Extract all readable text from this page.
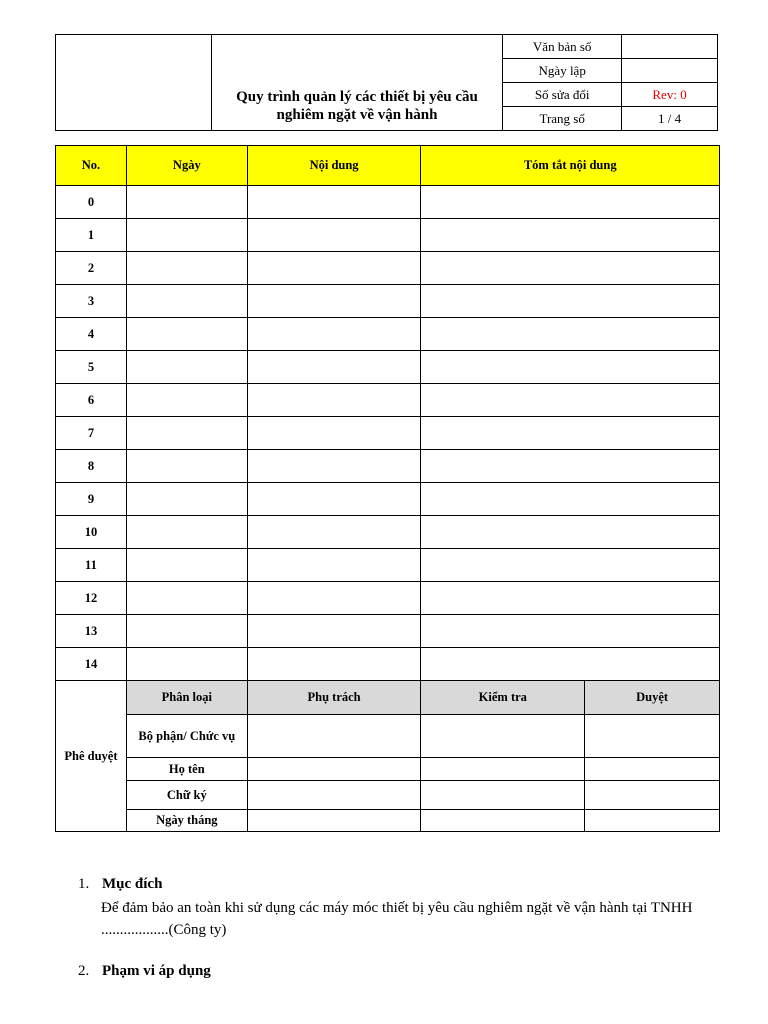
	Quy trình quản lý các thiết bị yêu cầu nghiêm ngặt về vận hành	Văn bản số	
		Ngày lập	
		Số sửa đổi	Rev: 0
		Trang số	1 / 4
No.	Ngày	Nội dung	Tóm tắt nội dung	
0				
1				
2				
3				
4				
5				
6				
7				
8				
9				
10				
11				
12				
13				
14				
Phê duyệt	Phân loại	Phụ trách	Kiểm tra	Duyệt
	Bộ phận/ Chức vụ			
	Họ tên			
	Chữ ký			
	Ngày tháng			
1. Mục đích
Để đảm bảo an toàn khi sử dụng các máy móc thiết bị yêu cầu nghiêm ngặt về vận hành tại TNHH ..................(Công ty)
2. Phạm vi áp dụng
